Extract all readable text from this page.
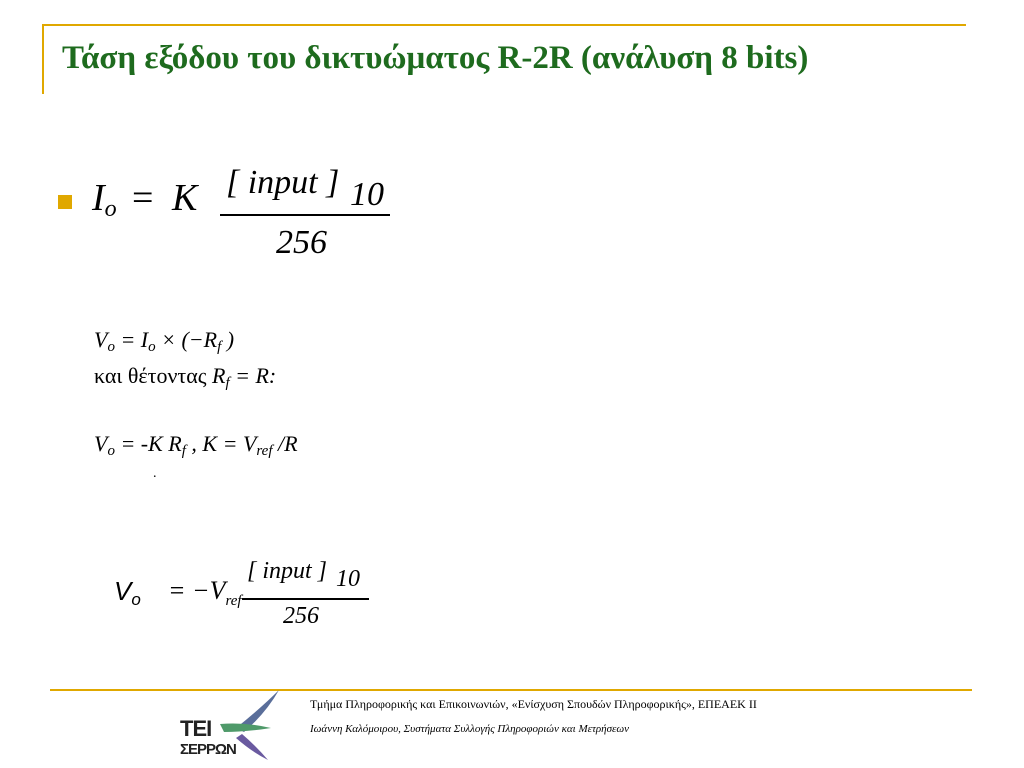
Τάση εξόδου του δικτυώματος R-2R (ανάλυση 8 bits)
$I_o = K$ [ input ] 10
256
$V_o = I_o \times (-R_f$ )
και θέτοντας $R_f = R$:
$V_o = -K$ $R_f$ , $K = V_{ref}$ /R
.
$V_o = -V_{ref}$
[ input ] 10
256
ΤΕΙ
ΣΕΡΡΩΝ
Τμήμα Πληροφορικής και Επικοινωνιών, «Ενίσχυση Σπουδών Πληροφορικής», ΕΠΕΑΕΚ ΙΙ
Ιωάννη Καλόμοιρου, Συστήματα Συλλογής Πληροφοριών και Μετρήσεων
